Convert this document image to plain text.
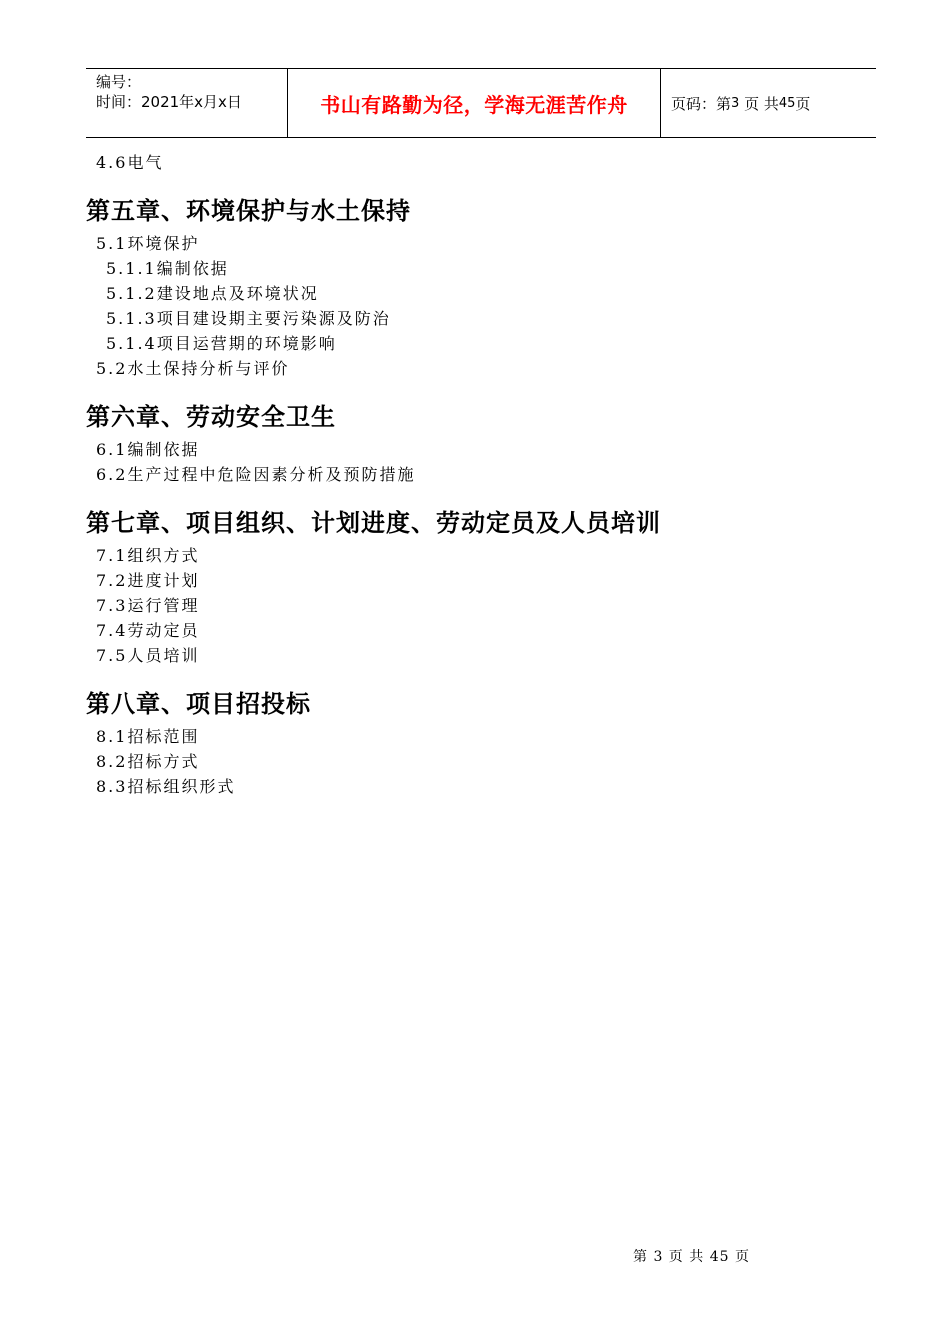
编号：
时间：2021年x月x日	书山有路勤为径，学海无涯苦作舟	页码：第 3
页 共 45 页
4.6电气
第五章、环境保护与水土保持
5.1环境保护
5.1.1编制依据
5.1.2建设地点及环境状况
5.1.3项目建设期主要污染源及防治
5.1.4项目运营期的环境影响
5.2水土保持分析与评价
第六章、劳动安全卫生
6.1编制依据
6.2生产过程中危险因素分析及预防措施
第七章、项目组织、计划进度、劳动定员及人员培训
7.1组织方式
7.2进度计划
7.3运行管理
7.4劳动定员
7.5人员培训
第八章、项目招投标
8.1招标范围
8.2招标方式
8.3招标组织形式
第 3 页 共 45 页
